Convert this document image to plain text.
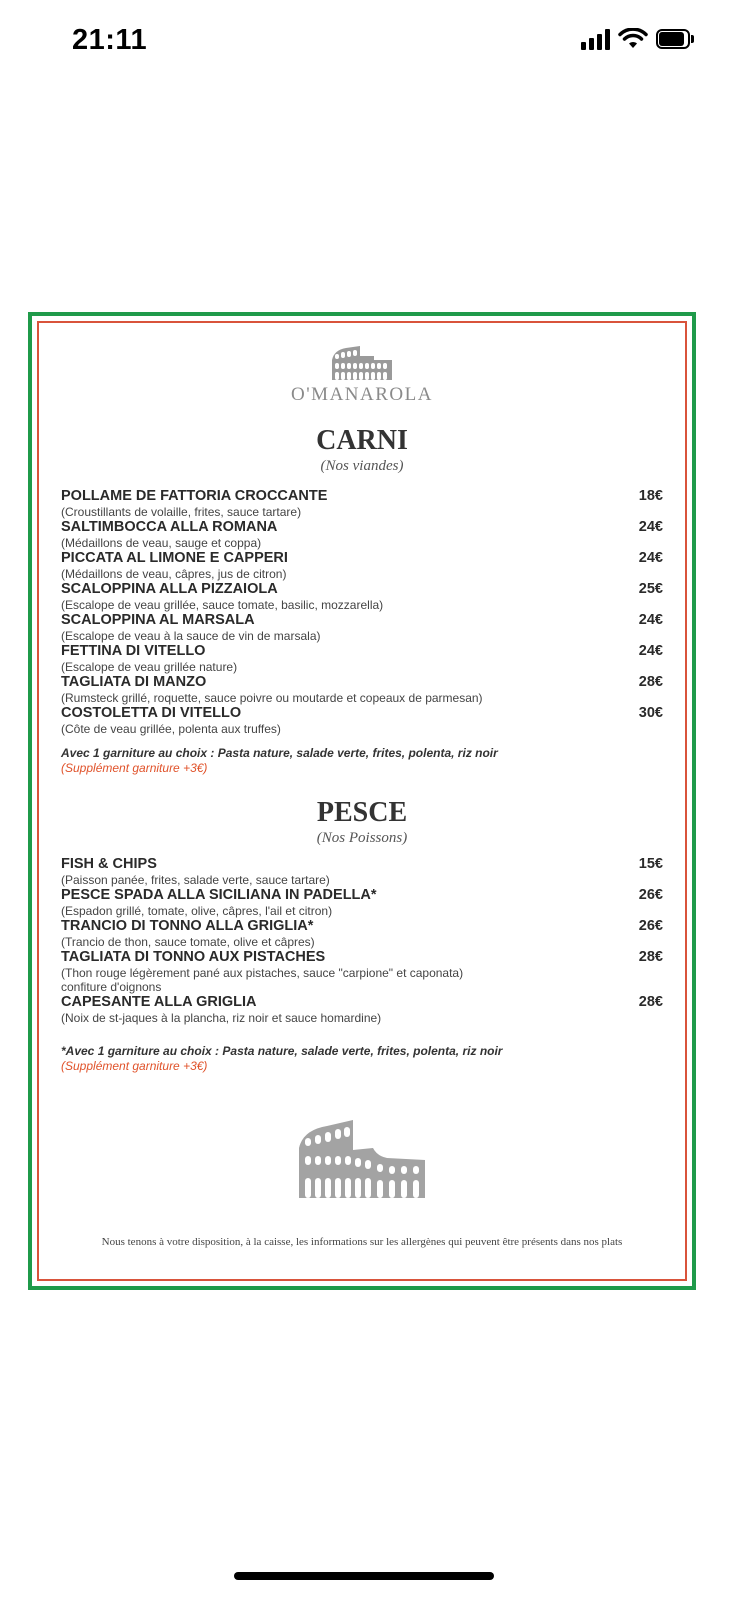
21:11
O'MANAROLA
CARNI
(Nos viandes)
POLLAME DE FATTORIA CROCCANTE	18€
(Croustillants de volaille, frites, sauce tartare)
SALTIMBOCCA ALLA ROMANA	24€
(Médaillons de veau, sauge et coppa)
PICCATA AL LIMONE E CAPPERI	24€
(Médaillons de veau, câpres, jus de citron)
SCALOPPINA ALLA PIZZAIOLA	25€
(Escalope de veau grillée, sauce tomate, basilic, mozzarella)
SCALOPPINA AL MARSALA	24€
(Escalope de veau à la sauce de vin de marsala)
FETTINA DI VITELLO	24€
(Escalope de veau grillée nature)
TAGLIATA DI MANZO	28€
(Rumsteck grillé, roquette, sauce poivre ou moutarde et copeaux de parmesan)
COSTOLETTA DI VITELLO	30€
(Côte de veau grillée, polenta aux truffes)
Avec 1 garniture au choix : Pasta nature, salade verte, frites, polenta, riz noir
(Supplément garniture +3€)
PESCE
(Nos Poissons)
FISH & CHIPS	15€
(Paisson panée, frites, salade verte, sauce tartare)
PESCE SPADA ALLA SICILIANA IN PADELLA*	26€
(Espadon grillé, tomate, olive, câpres, l'ail et citron)
TRANCIO DI TONNO ALLA GRIGLIA*	26€
(Trancio de thon, sauce tomate, olive et câpres)
TAGLIATA DI TONNO AUX PISTACHES	28€
(Thon rouge légèrement pané aux pistaches, sauce "carpione" et caponata)
confiture d'oignons
CAPESANTE ALLA GRIGLIA	28€
(Noix de st-jaques à la plancha, riz noir et sauce homardine)
*Avec 1 garniture au choix : Pasta nature, salade verte, frites, polenta, riz noir
(Supplément garniture +3€)
Nous tenons à votre disposition, à la caisse, les informations sur les allergènes qui peuvent être présents dans nos plats
